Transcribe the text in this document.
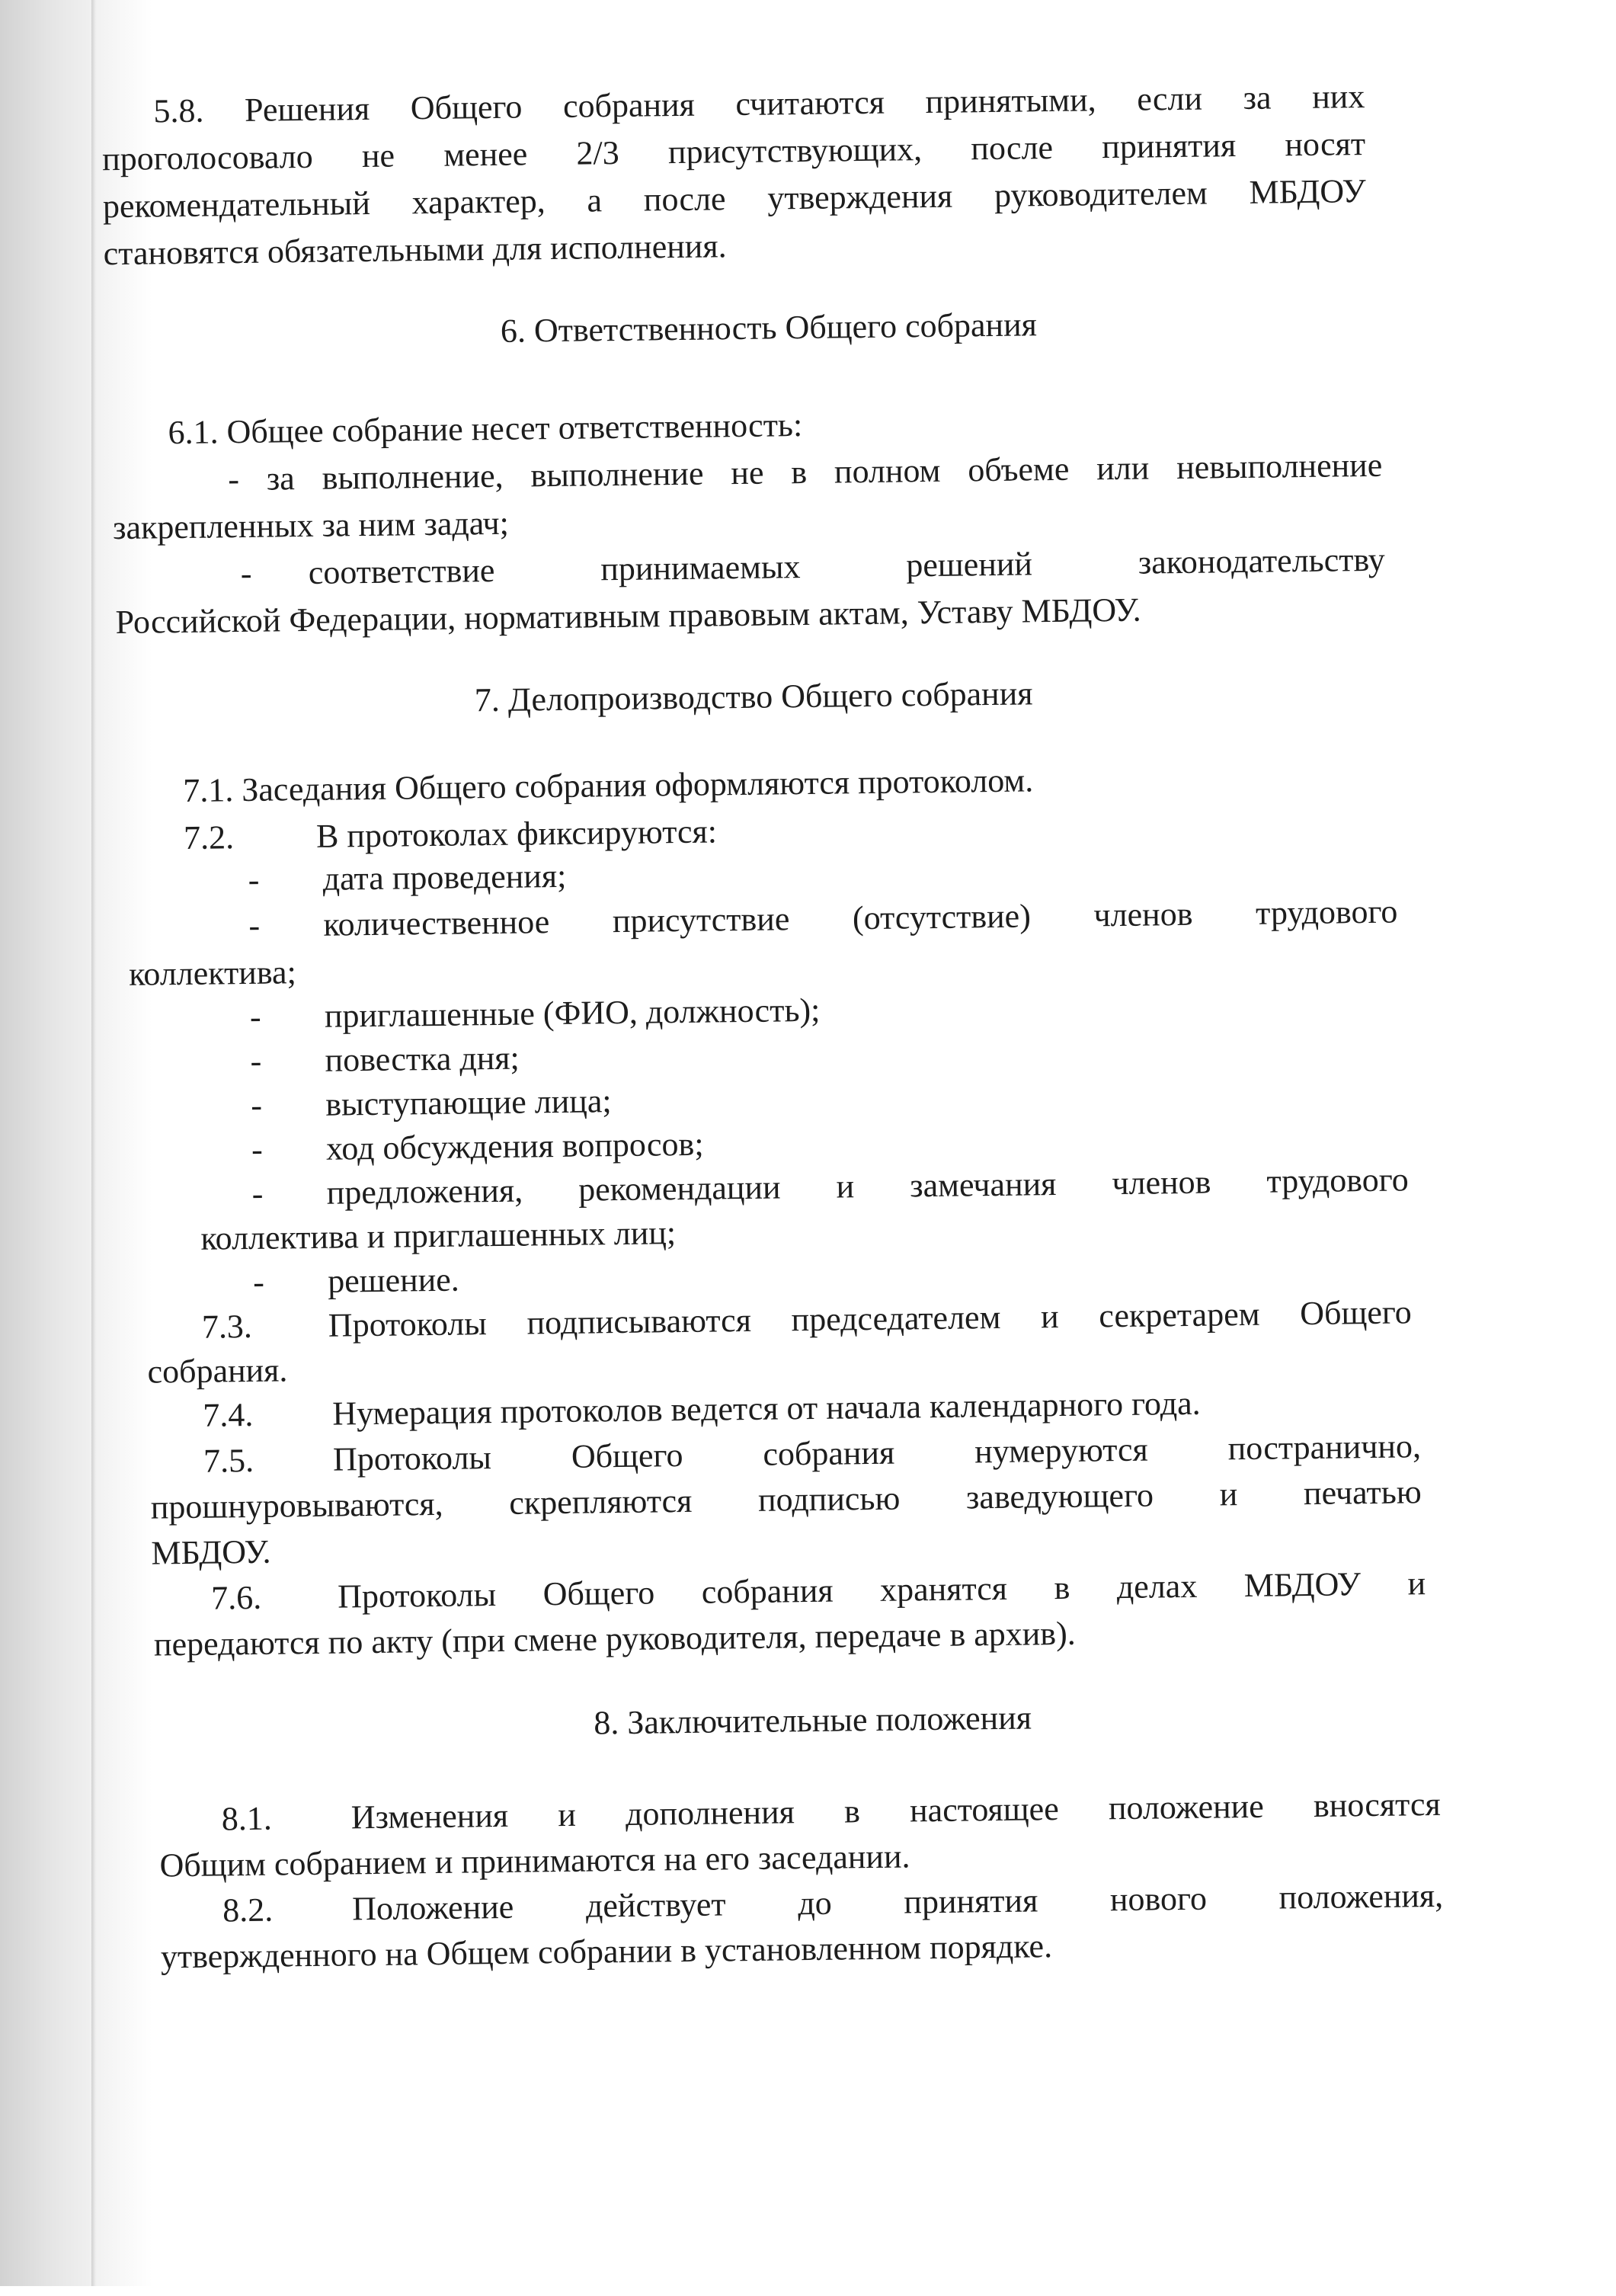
5.8. Решения Общего собрания считаются принятыми, если за них

проголосовало не менее 2/3 присутствующих, после принятия носят

рекомендательный характер, а после утверждения руководителем МБДОУ

становятся обязательными для исполнения.

6. Ответственность Общего собрания

6.1. Общее собрание несет ответственность:

- за выполнение, выполнение не в полном объеме или невыполнение

закрепленных за ним задач;

- соответствие принимаемых решений законодательству

Российской Федерации, нормативным правовым актам, Уставу МБДОУ.

7. Делопроизводство Общего собрания

7.1. Заседания Общего собрания оформляются протоколом.

7.2. В протоколах фиксируются:

- дата проведения;

- количественное присутствие (отсутствие) членов трудового

коллектива;

- приглашенные (ФИО, должность);

- повестка дня;

- выступающие лица;

- ход обсуждения вопросов;

- предложения, рекомендации и замечания членов трудового

коллектива и приглашенных лиц;

- решение.

7.3. Протоколы подписываются председателем и секретарем Общего

собрания.

7.4. Нумерация протоколов ведется от начала календарного года.

7.5. Протоколы Общего собрания нумеруются постранично,

прошнуровываются, скрепляются подписью заведующего и печатью

МБДОУ.

7.6. Протоколы Общего собрания хранятся в делах МБДОУ и

передаются по акту (при смене руководителя, передаче в архив).

8. Заключительные положения

8.1. Изменения и дополнения в настоящее положение вносятся

Общим собранием и принимаются на его заседании.

8.2. Положение действует до принятия нового положения,

утвержденного на Общем собрании в установленном порядке.
